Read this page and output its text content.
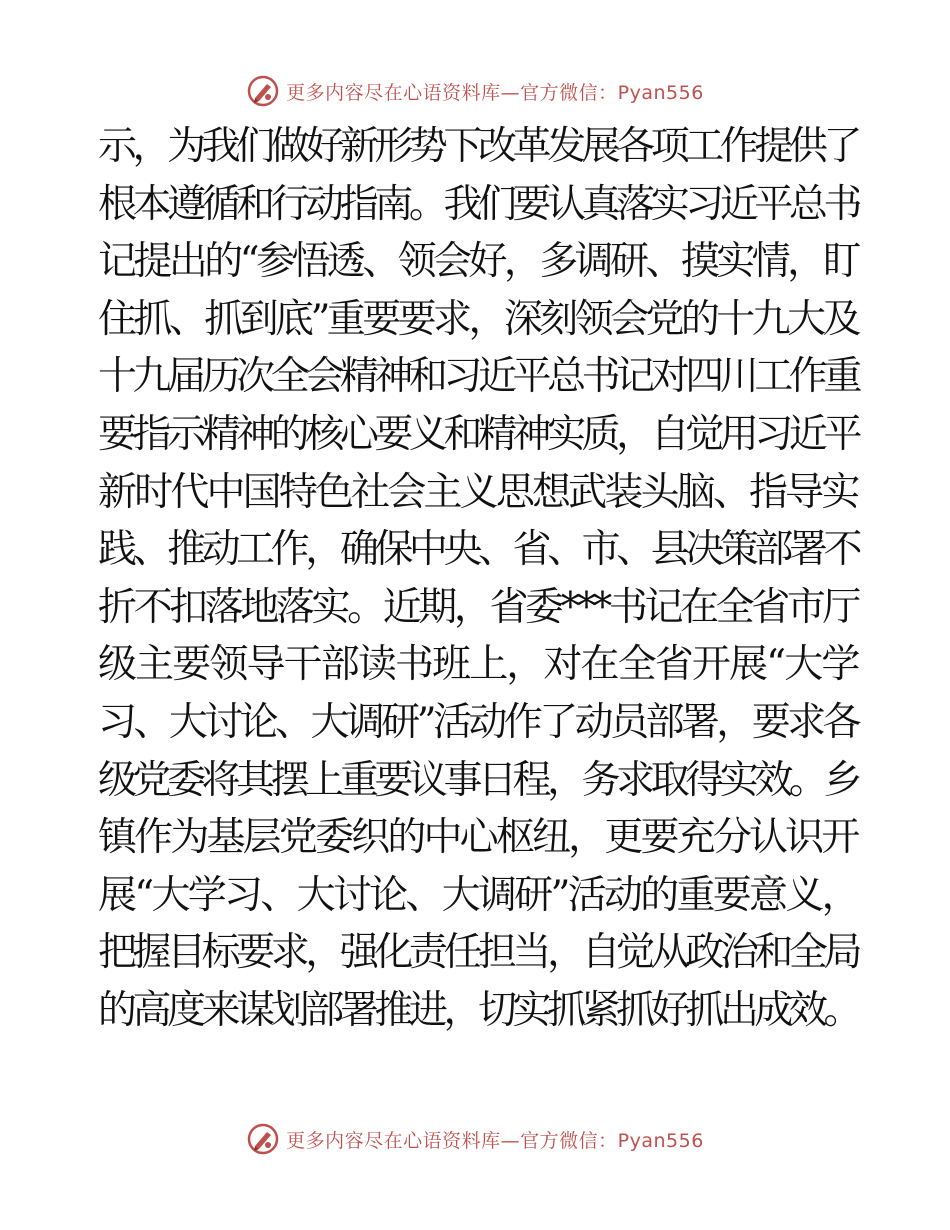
更多内容尽在心语资料库—官方微信：Pyan556
示，为我们做好新形势下改革发展各项工作提供了
根本遵循和行动指南。我们要认真落实习近平总书
记提出的“参悟透、领会好，多调研、摸实情，盯
住抓、抓到底”重要要求，深刻领会党的十九大及
十九届历次全会精神和习近平总书记对四川工作重
要指示精神的核心要义和精神实质，自觉用习近平
新时代中国特色社会主义思想武装头脑、指导实
践、推动工作，确保中央、省、市、县决策部署不
折不扣落地落实。近期，省委***书记在全省市厅
级主要领导干部读书班上，对在全省开展“大学
习、大讨论、大调研”活动作了动员部署，要求各
级党委将其摆上重要议事日程，务求取得实效。乡
镇作为基层党委织的中心枢纽，更要充分认识开
展“大学习、大讨论、大调研”活动的重要意义，
把握目标要求，强化责任担当，自觉从政治和全局
的高度来谋划部署推进，切实抓紧抓好抓出成效。
更多内容尽在心语资料库—官方微信：Pyan556
